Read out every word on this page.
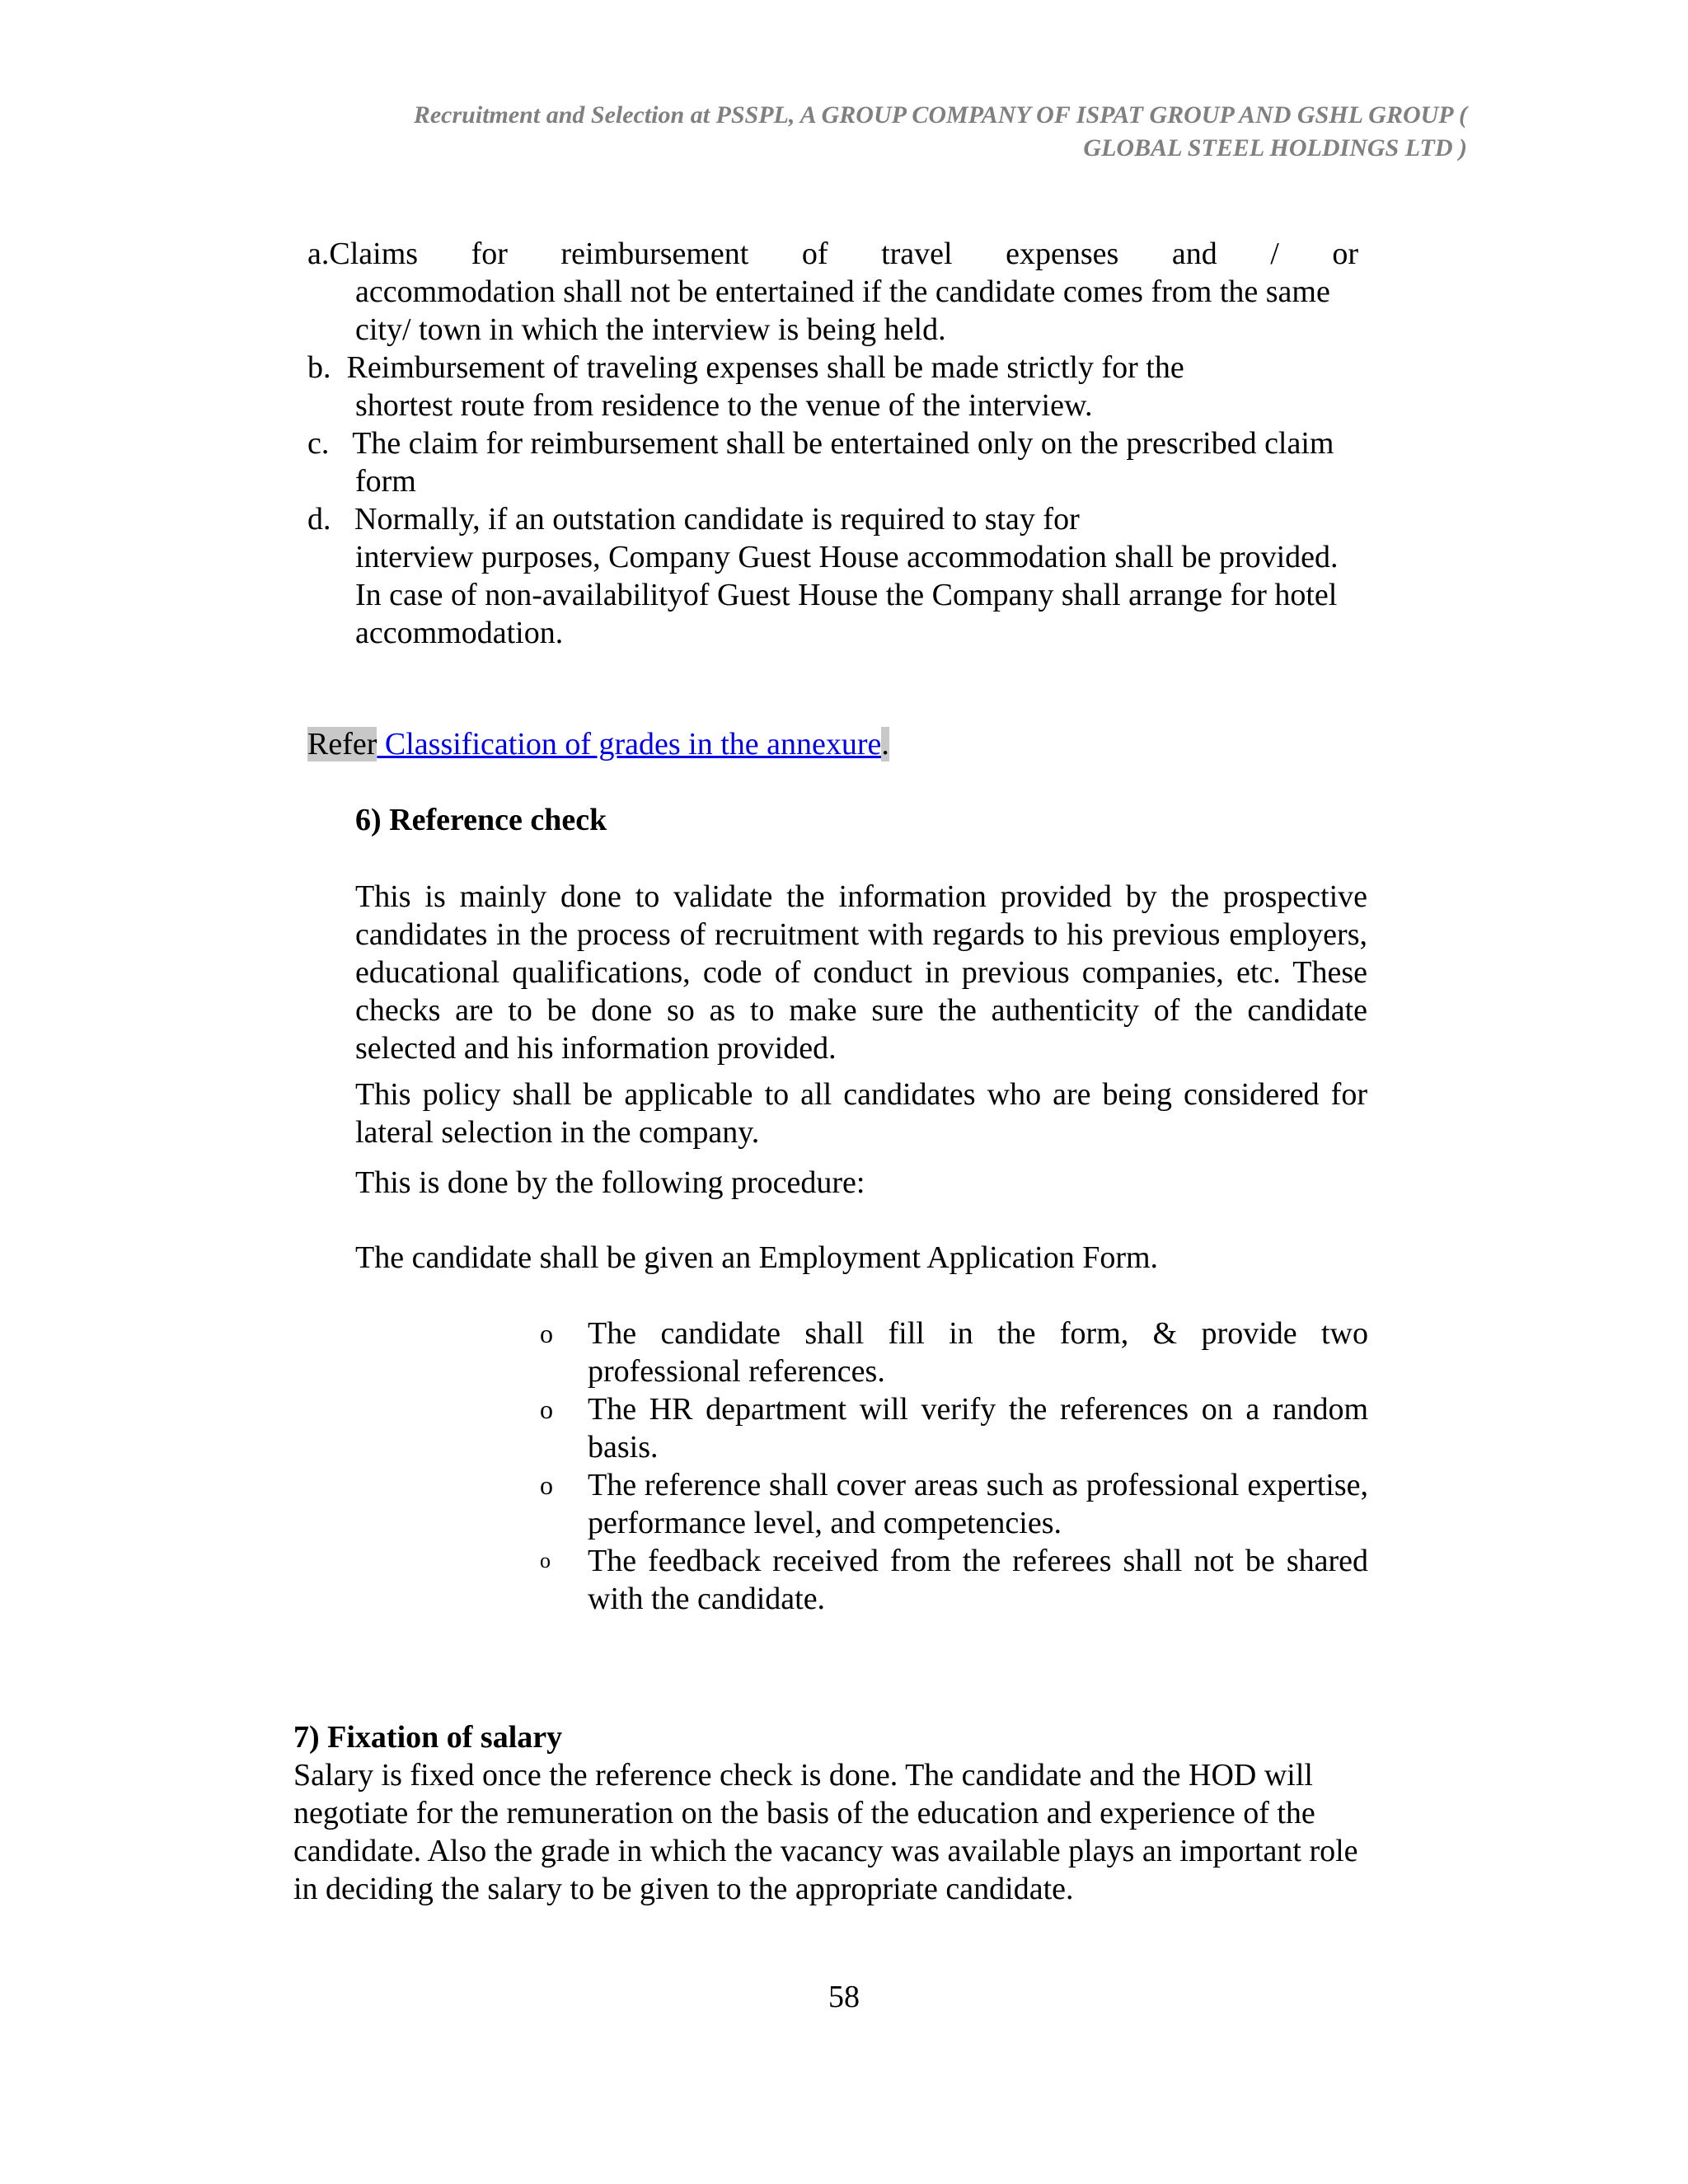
Recruitment and Selection at PSSPL, A GROUP COMPANY OF ISPAT GROUP AND GSHL GROUP (
GLOBAL STEEL HOLDINGS LTD )
a.Claims for reimbursement of travel expenses and / or
accommodation shall not be entertained if the candidate comes from the same city/ town in which the interview is being held.
b.  Reimbursement of traveling expenses shall be made strictly for the
shortest route from residence to the venue of the interview.
c.   The claim for reimbursement shall be entertained only on the prescribed claim
form
d.   Normally, if an outstation candidate is required to stay for
interview purposes, Company Guest House accommodation shall be provided. In case of non-availabilityof Guest House the Company shall arrange for hotel accommodation.
Refer Classification of grades in the annexure.
6) Reference check
This is mainly done to validate the information provided by the prospective candidates in the process of recruitment with regards to his previous employers, educational qualifications, code of conduct in previous companies, etc. These checks are to be done so as to make sure the authenticity of the candidate selected and his information provided.
This policy shall be applicable to all candidates who are being considered for lateral selection in the company.
This is done by the following procedure:
The candidate shall be given an Employment Application Form.
o	The candidate shall fill in the form, & provide two professional references.
o	The HR department will verify the references on a random basis.
o	The reference shall cover areas such as professional expertise, performance level, and competencies.
o	The feedback received from the referees shall not be shared with the candidate.
7) Fixation of salary
Salary is fixed once the reference check is done. The candidate and the HOD will negotiate for the remuneration on the basis of the education and experience of the candidate. Also the grade in which the vacancy was available plays an important role in deciding the salary to be given to the appropriate candidate.
58
